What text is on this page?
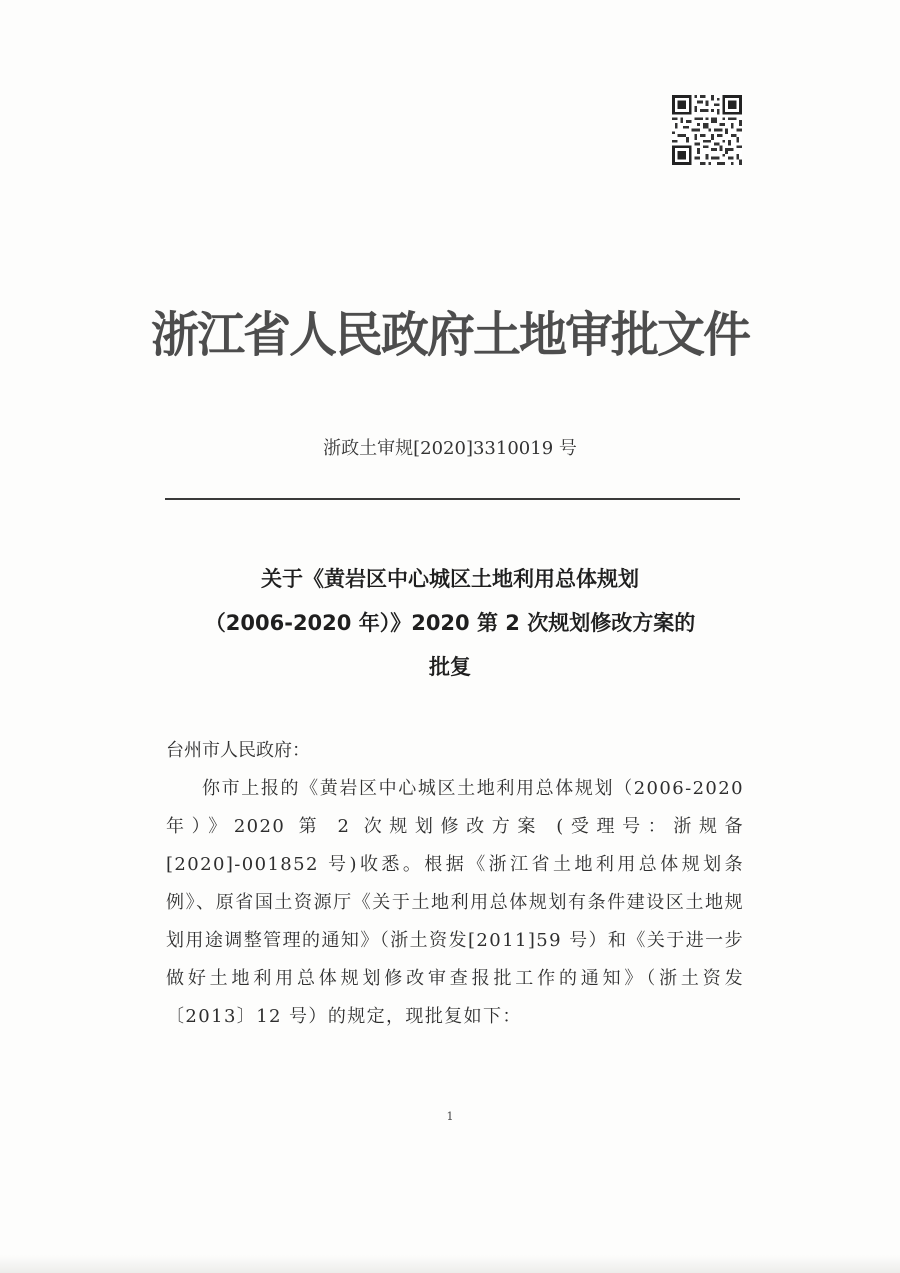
浙江省人民政府土地审批文件
浙政土审规[2020]3310019 号
关于《黄岩区中心城区土地利用总体规划
（2006-2020 年）》2020 第 2 次规划修改方案的
批复
台州市人民政府：
你市上报的《黄岩区中心城区土地利用总体规划（2006-2020 年）》2020 第 2 次规划修改方案 (受理号：浙规备[2020]-001852 号)收悉。根据《浙江省土地利用总体规划条例》、原省国土资源厅《关于土地利用总体规划有条件建设区土地规划用途调整管理的通知》（浙土资发[2011]59 号）和《关于进一步做好土地利用总体规划修改审查报批工作的通知》（浙土资发〔2013〕12 号）的规定，现批复如下：
1
